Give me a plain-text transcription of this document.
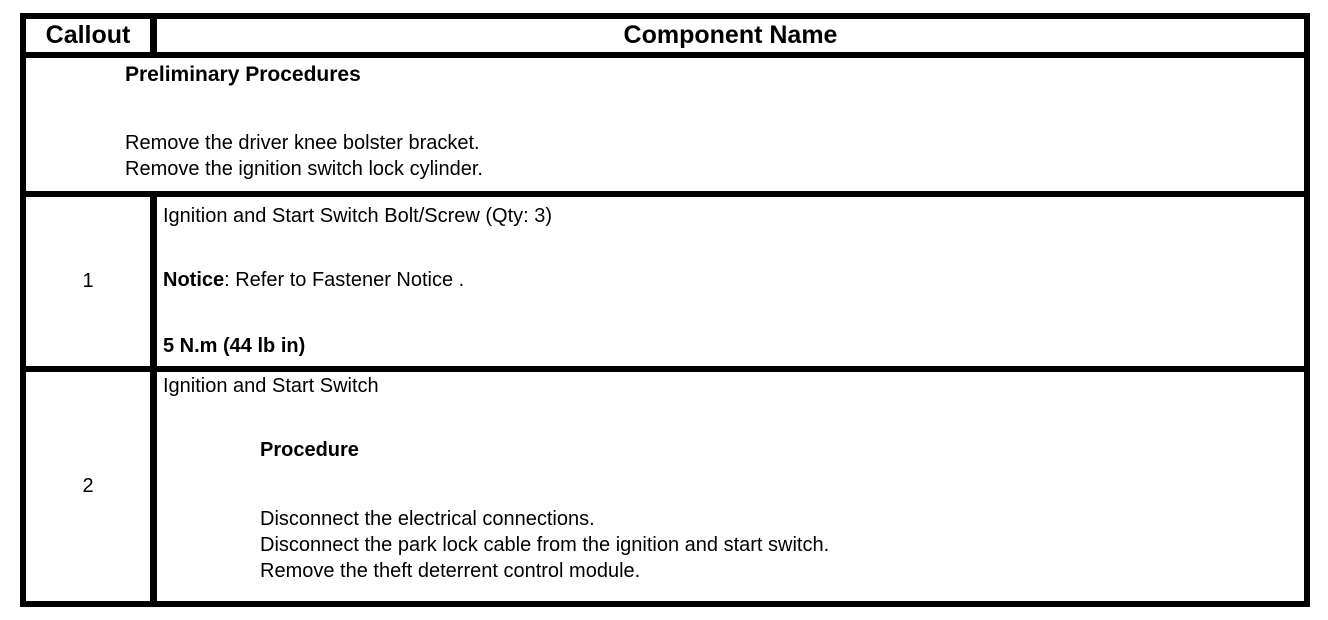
Callout	Component Name
Preliminary Procedures
Remove the driver knee bolster bracket.
Remove the ignition switch lock cylinder.
1
Ignition and Start Switch Bolt/Screw (Qty: 3)
Notice: Refer to Fastener Notice .
5 N.m (44 lb in)
2
Ignition and Start Switch
Procedure
Disconnect the electrical connections.
Disconnect the park lock cable from the ignition and start switch.
Remove the theft deterrent control module.
